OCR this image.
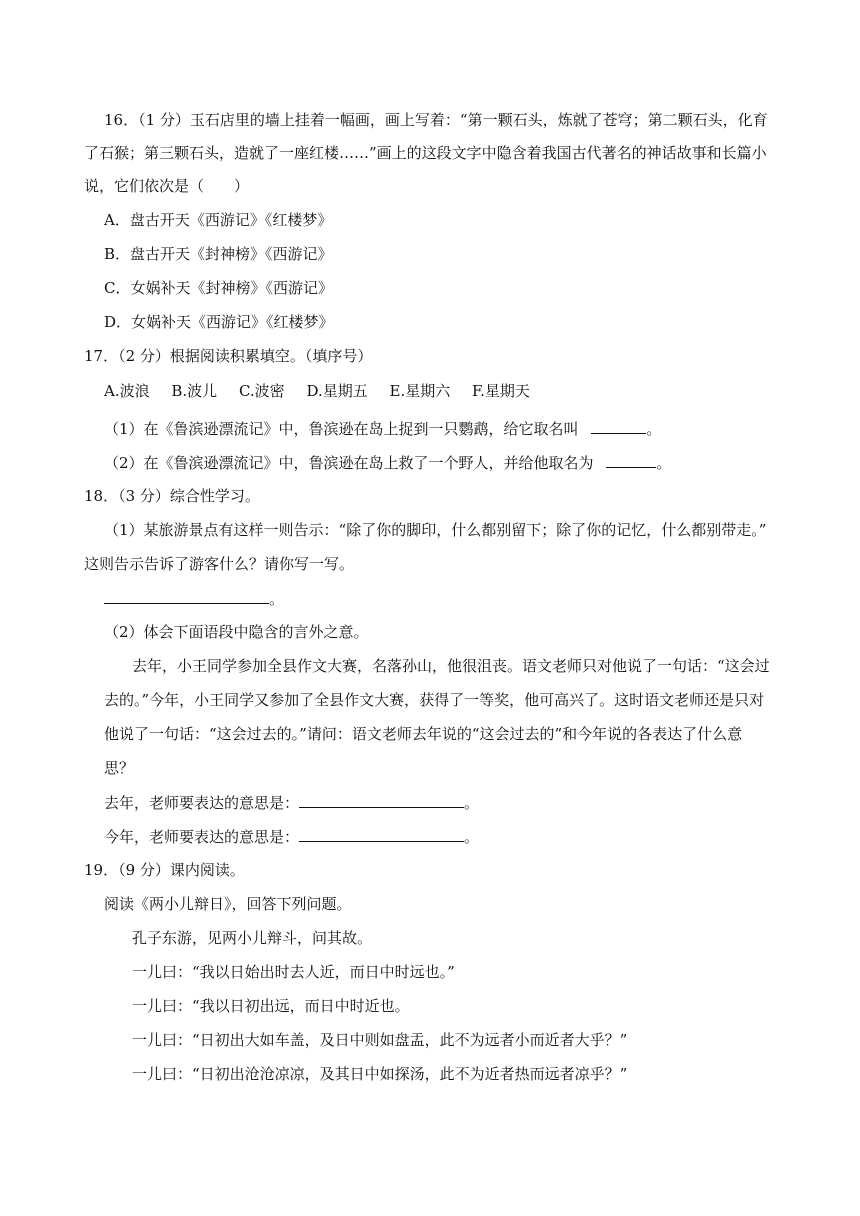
16．（1 分）玉石店里的墙上挂着一幅画，画上写着：“第一颗石头，炼就了苍穹；第二颗石头，化育
了石猴；第三颗石头，造就了一座红楼……”画上的这段文字中隐含着我国古代著名的神话故事和长篇小
说，它们依次是（　　）
A．盘古开天《西游记》《红楼梦》
B．盘古开天《封神榜》《西游记》
C．女娲补天《封神榜》《西游记》
D．女娲补天《西游记》《红楼梦》
17．（2 分）根据阅读积累填空。（填序号）
A.波浪 B.波儿 C.波密 D.星期五 E.星期六 F.星期天
（1）在《鲁滨逊漂流记》中，鲁滨逊在岛上捉到一只鹦鹉，给它取名叫	。
（2）在《鲁滨逊漂流记》中，鲁滨逊在岛上救了一个野人，并给他取名为	。
18．（3 分）综合性学习。
（1）某旅游景点有这样一则告示：“除了你的脚印，什么都别留下；除了你的记忆，什么都别带走。”
这则告示告诉了游客什么？请你写一写。
。
（2）体会下面语段中隐含的言外之意。
去年，小王同学参加全县作文大赛，名落孙山，他很沮丧。语文老师只对他说了一句话：“这会过
去的。”今年，小王同学又参加了全县作文大赛，获得了一等奖，他可高兴了。这时语文老师还是只对
他说了一句话：“这会过去的。”请问：语文老师去年说的“这会过去的”和今年说的各表达了什么意
思？
去年，老师要表达的意思是：	。
今年，老师要表达的意思是：	。
19．（9 分）课内阅读。
阅读《两小儿辩日》，回答下列问题。
孔子东游，见两小儿辩斗，问其故。
一儿曰：“我以日始出时去人近，而日中时远也。”
一儿曰：“我以日初出远，而日中时近也。
一儿曰：“日初出大如车盖，及日中则如盘盂，此不为远者小而近者大乎？”
一儿曰：“日初出沧沧凉凉，及其日中如探汤，此不为近者热而远者凉乎？”
